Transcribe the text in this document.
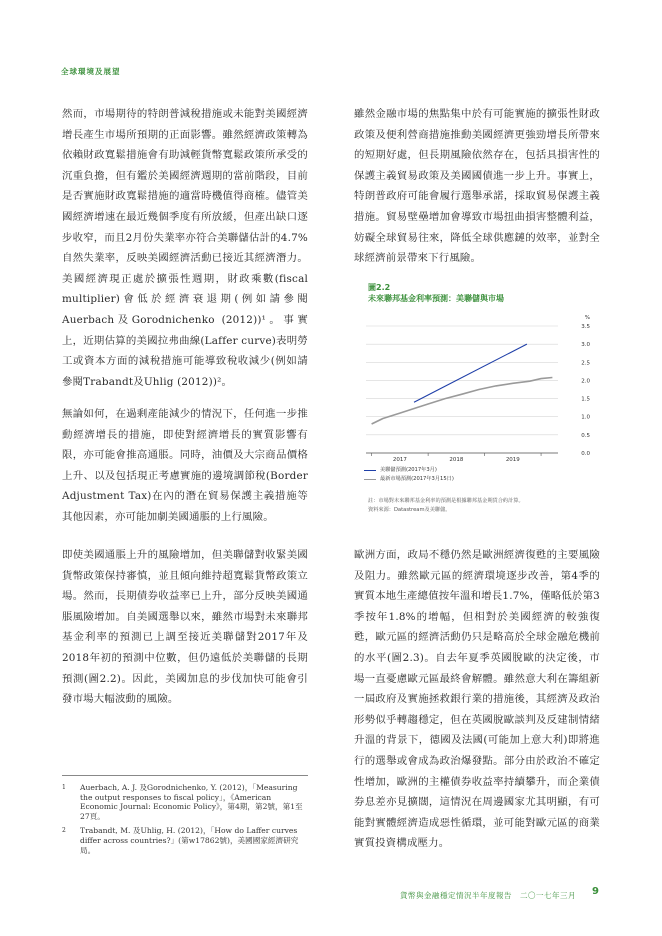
全球環境及展望

然而，市場期待的特朗普減稅措施或未能對美國經濟增長產生市場所預期的正面影響。雖然經濟政策轉為依賴財政寬鬆措施會有助減輕貨幣寬鬆政策所承受的沉重負擔，但有鑑於美國經濟週期的當前階段，目前是否實施財政寬鬆措施的適當時機值得商榷。儘管美國經濟增速在最近幾個季度有所放緩，但產出缺口逐步收窄，而且2月份失業率亦符合美聯儲估計的4.7%自然失業率，反映美國經濟活動已接近其經濟潛力。美國經濟現正處於擴張性週期，財政乘數(fiscal multiplier)會低於經濟衰退期(例如請參閱Auerbach及Gorodnichenko (2012))¹。事實上，近期估算的美國拉弗曲線(Laffer curve)表明勞工或資本方面的減稅措施可能導致稅收減少(例如請參閱Trabandt及Uhlig (2012))²。

無論如何，在過剩產能減少的情況下，任何進一步推動經濟增長的措施，即使對經濟增長的實質影響有限，亦可能會推高通脹。同時，油價及大宗商品價格上升、以及包括現正考慮實施的邊境調節稅(Border Adjustment Tax)在內的潛在貿易保護主義措施等其他因素，亦可能加劇美國通脹的上行風險。

即使美國通脹上升的風險增加，但美聯儲對收緊美國貨幣政策保持審慎，並且傾向維持超寬鬆貨幣政策立場。然而，長期債券收益率已上升，部分反映美國通脹風險增加。自美國選舉以來，雖然市場對未來聯邦基金利率的預測已上調至接近美聯儲對2017年及2018年初的預測中位數，但仍遠低於美聯儲的長期預測(圖2.2)。因此，美國加息的步伐加快可能會引發市場大幅波動的風險。

雖然金融市場的焦點集中於有可能實施的擴張性財政政策及便利營商措施推動美國經濟更強勁增長所帶來的短期好處，但長期風險依然存在，包括具損害性的保護主義貿易政策及美國國債進一步上升。事實上，特朗普政府可能會履行選舉承諾，採取貿易保護主義措施。貿易壁壘增加會導致市場扭曲損害整體利益，妨礙全球貿易往來，降低全球供應鏈的效率，並對全球經濟前景帶來下行風險。

歐洲方面，政局不穩仍然是歐洲經濟復甦的主要風險及阻力。雖然歐元區的經濟環境逐步改善，第4季的實質本地生產總值按年溫和增長1.7%，僅略低於第3季按年1.8%的增幅，但相對於美國經濟的較強復甦，歐元區的經濟活動仍只是略高於全球金融危機前的水平(圖2.3)。自去年夏季英國脫歐的決定後，市場一直憂慮歐元區最終會解體。雖然意大利在籌組新一屆政府及實施拯救銀行業的措施後，其經濟及政治形勢似乎轉趨穩定，但在英國脫歐談判及反建制情緒升溫的背景下，德國及法國(可能加上意大利)即將進行的選舉或會成為政治爆發點。部分由於政治不確定性增加，歐洲的主權債券收益率持續攀升，而企業債券息差亦見擴闊，這情況在周邊國家尤其明顯，有可能對實體經濟造成惡性循環，並可能對歐元區的商業實質投資構成壓力。

圖2.2
未來聯邦基金利率預測：美聯儲與市場
0.0
0.5
1.0
1.5
2.0
2.5
3.0
3.5
%
2017	2018	2019
美聯儲預測(2017年3月)
最新市場預測(2017年3月15日)
註：市場對未來聯邦基金利率的預測是根據聯邦基金期貨合約計算。
資料來源：Datastream及美聯儲。
1	Auerbach, A. J. 及Gorodnichenko, Y. (2012)，「Measuring the output responses to fiscal policy」，《American Economic Journal: Economic Policy》，第4期，第2號，第1至27頁。
2	Trabandt, M. 及Uhlig, H. (2012)，「How do Laffer curves differ across countries?」(第w17862號)，美國國家經濟研究局。
貨幣與金融穩定情況半年度報告　二〇一七年三月 9
